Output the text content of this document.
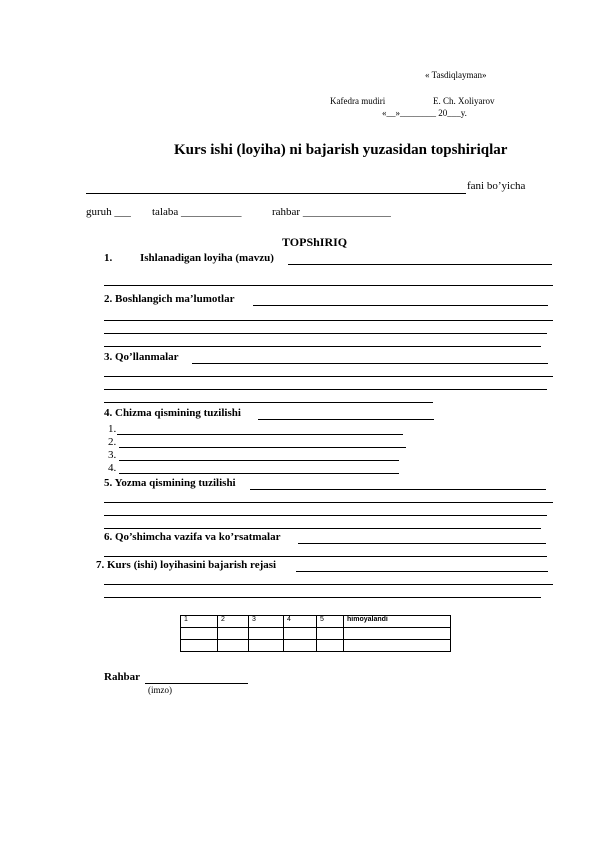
« Tasdiqlayman»
Kafedra mudiri	E. Ch. Xoliyarov
«__»________ 20___y.
Kurs ishi (loyiha) ni bajarish yuzasidan topshiriqlar
fani bo’yicha
guruh ___ talaba ___________	rahbar ________________
TOPShIRIQ
1.	Ishlanadigan loyiha (mavzu)
2. Boshlangich ma’lumotlar
3. Qo’llanmalar
4. Chizma qismining tuzilishi
1.
2.
3.
4.
5. Yozma qismining tuzilishi
6. Qo’shimcha vazifa va ko’rsatmalar
7. Kurs (ishi) loyihasini bajarish rejasi
1	2	3	4	5	himoyalandi

Rahbar
(imzo)
